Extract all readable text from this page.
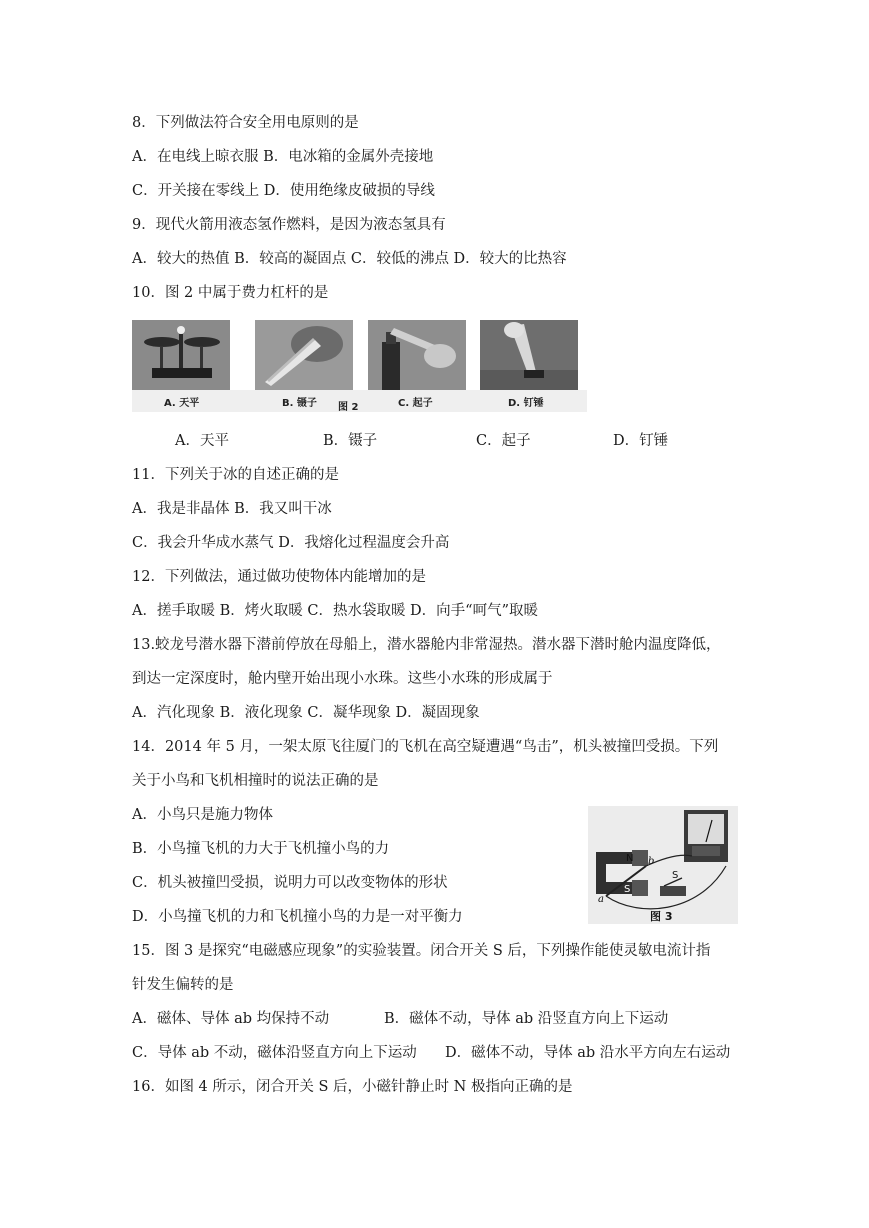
8．下列做法符合安全用电原则的是
A．在电线上晾衣服 B．电冰箱的金属外壳接地
C．开关接在零线上 D．使用绝缘皮破损的导线
9．现代火箭用液态氢作燃料，是因为液态氢具有
A．较大的热值 B．较高的凝固点 C．较低的沸点 D．较大的比热容
10．图 2 中属于费力杠杆的是
A. 天平	B. 镊子 图 2	C. 起子	D. 钉锤
A．天平	B．镊子	C．起子	D．钉锤
11．下列关于冰的自述正确的是
A．我是非晶体 B．我又叫干冰
C．我会升华成水蒸气 D．我熔化过程温度会升高
12．下列做法，通过做功使物体内能增加的是
A．搓手取暖 B．烤火取暖 C．热水袋取暖 D．向手“呵气”取暖
13.蛟龙号潜水器下潜前停放在母船上，潜水器舱内非常湿热。潜水器下潜时舱内温度降低，
到达一定深度时，舱内壁开始出现小水珠。这些小水珠的形成属于
A．汽化现象 B．液化现象 C．凝华现象 D．凝固现象
14．2014 年 5 月，一架太原飞往厦门的飞机在高空疑遭遇“鸟击”，机头被撞凹受损。下列
关于小鸟和飞机相撞时的说法正确的是
A．小鸟只是施力物体
B．小鸟撞飞机的力大于飞机撞小鸟的力
C．机头被撞凹受损，说明力可以改变物体的形状
D．小鸟撞飞机的力和飞机撞小鸟的力是一对平衡力
N
S
a
b
S
图 3
15．图 3 是探究“电磁感应现象”的实验装置。闭合开关 S 后，下列操作能使灵敏电流计指
针发生偏转的是
A．磁体、导体 ab 均保持不动	B．磁体不动，导体 ab 沿竖直方向上下运动
C．导体 ab 不动，磁体沿竖直方向上下运动 D．磁体不动，导体 ab 沿水平方向左右运动
16．如图 4 所示，闭合开关 S 后，小磁针静止时 N 极指向正确的是
